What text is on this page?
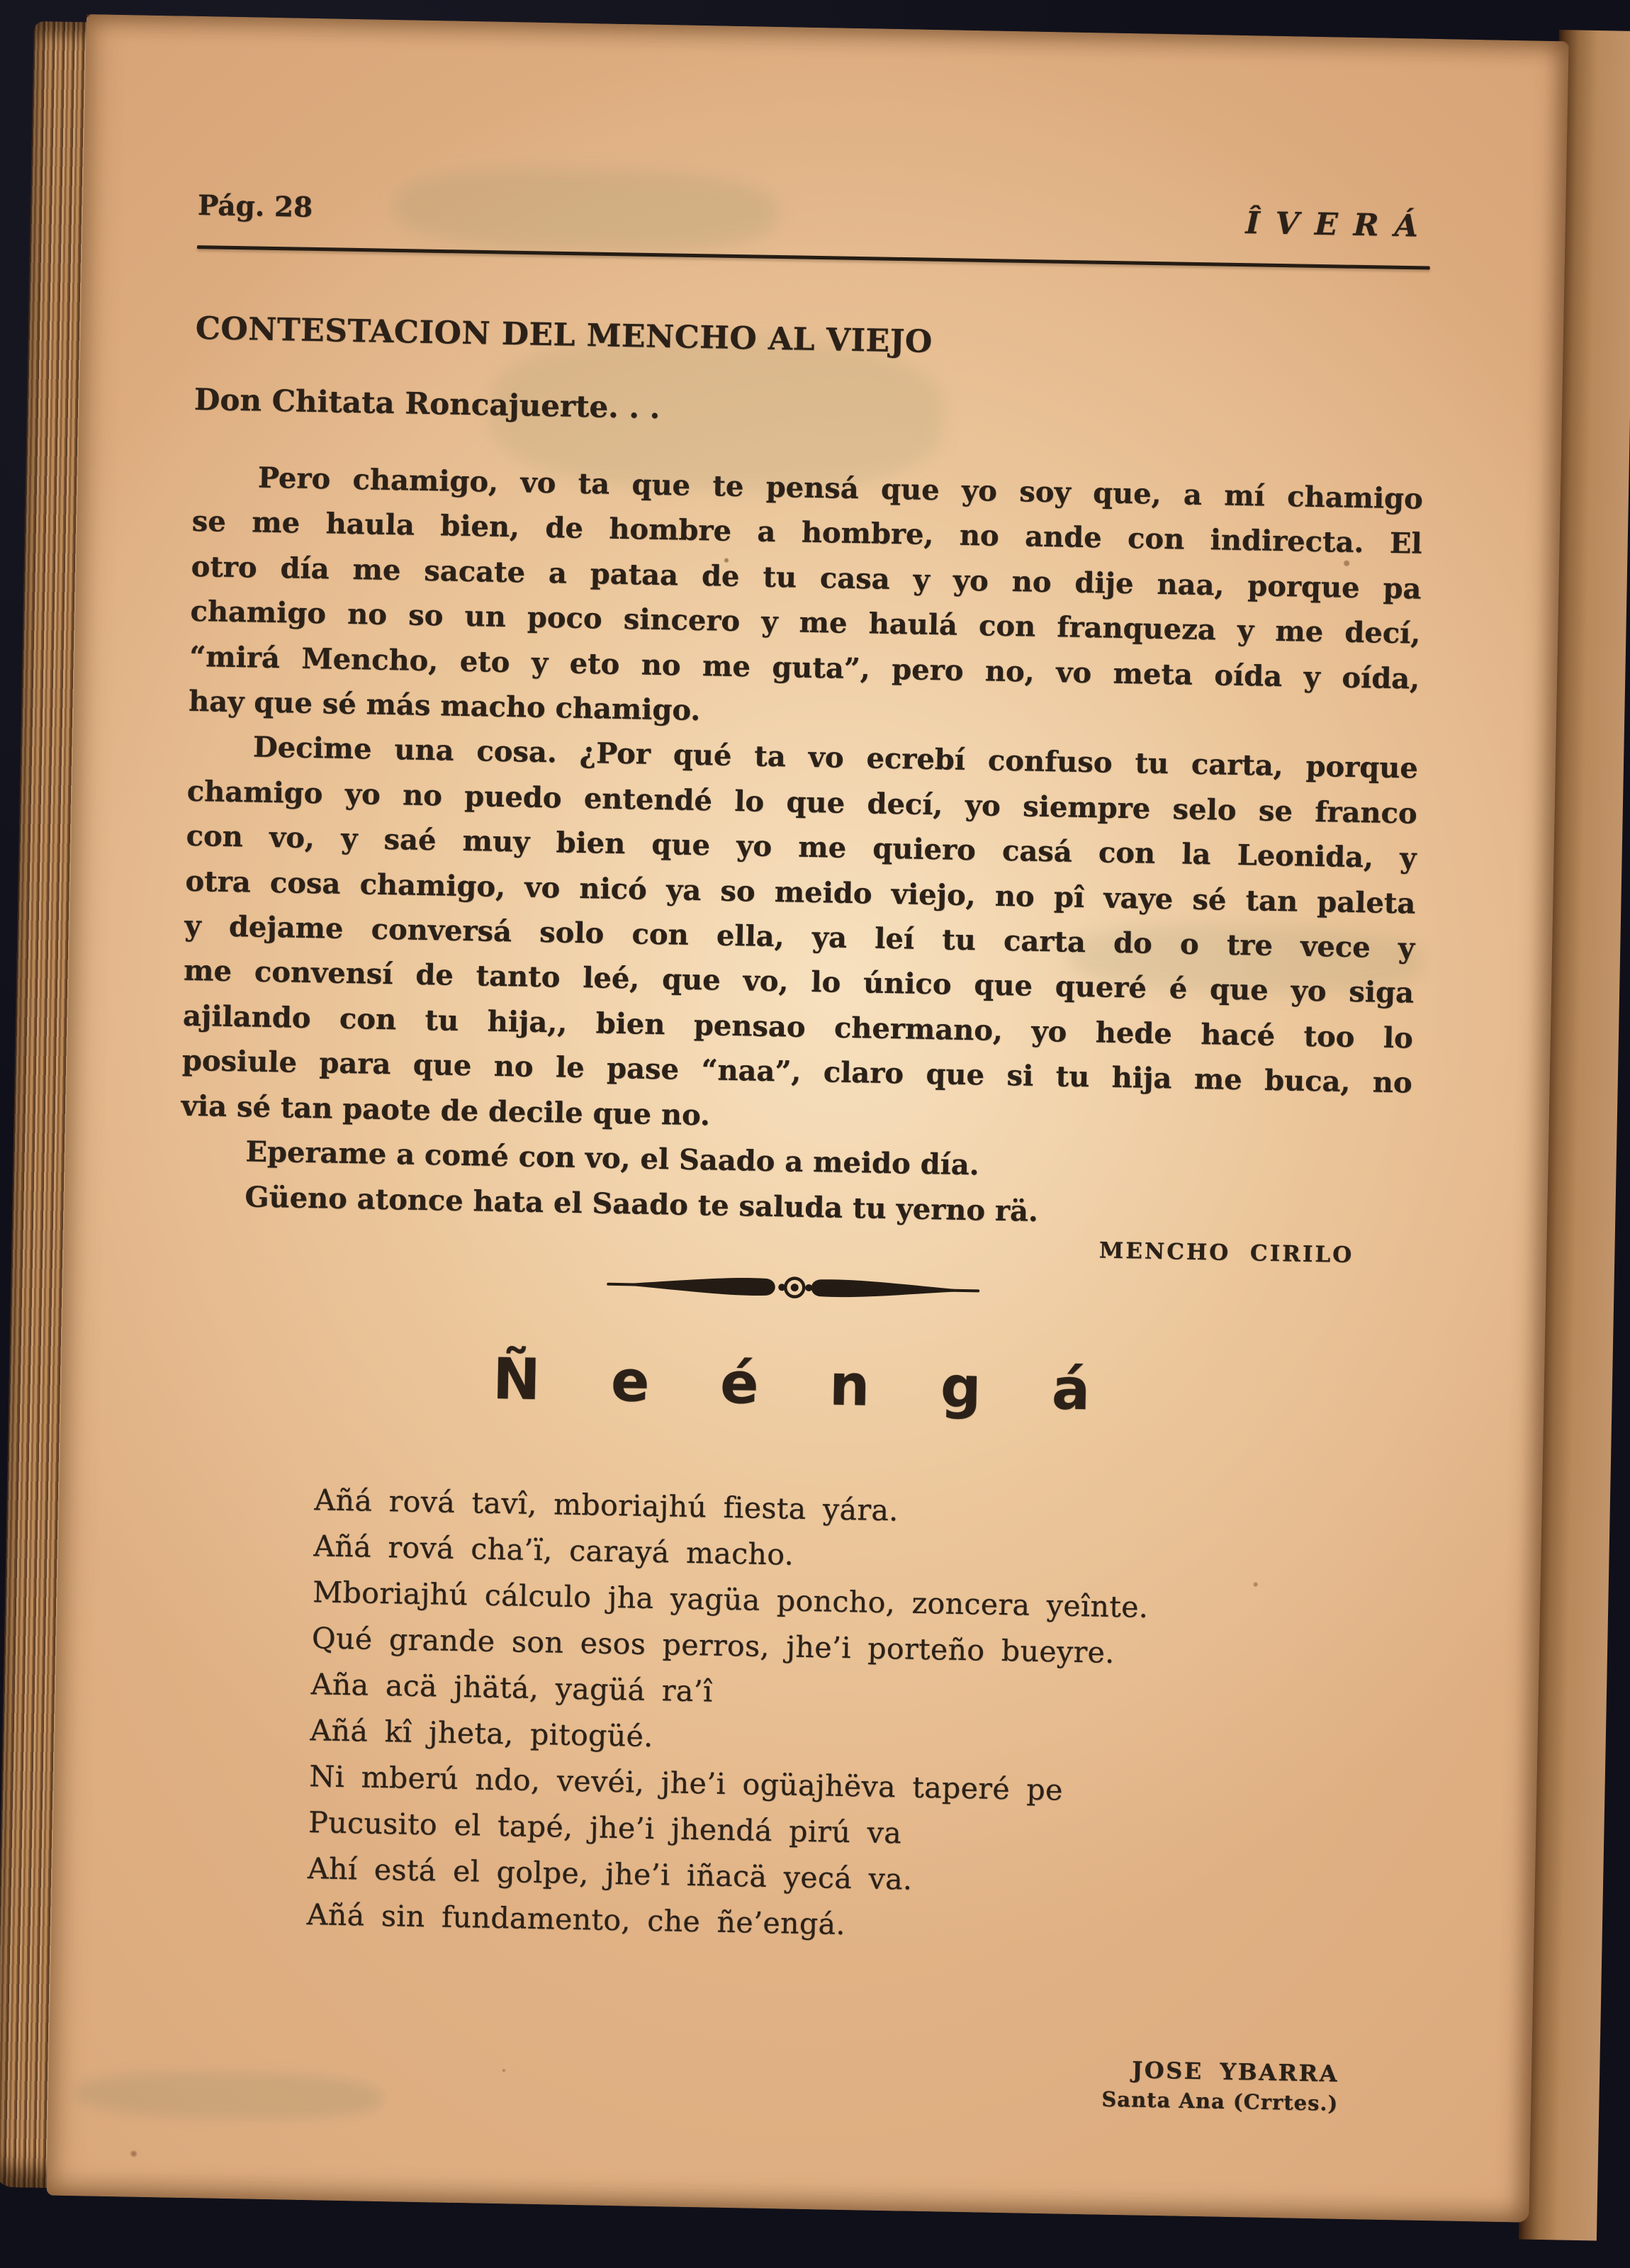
Pág. 28	ÎVERÁ
CONTESTACION DEL MENCHO AL VIEJO
Don Chitata Roncajuerte. . .
Pero chamigo, vo ta que te pensá que yo soy que, a mí chamigo
se me haula bien, de hombre a hombre, no ande con indirecta. El
otro día me sacate a pataa de tu casa y yo no dije naa, porque pa
chamigo no so un poco sincero y me haulá con franqueza y me decí,
“mirá Mencho, eto y eto no me guta”, pero no, vo meta oída y oída,
hay que sé más macho chamigo.
Decime una cosa. ¿Por qué ta vo ecrebí confuso tu carta, porque
chamigo yo no puedo entendé lo que decí, yo siempre selo se franco
con vo, y saé muy bien que yo me quiero casá con la Leonida, y
otra cosa chamigo, vo nicó ya so meido viejo, no pî vaye sé tan paleta
y dejame conversá solo con ella, ya leí tu carta do o tre vece y
me convensí de tanto leé, que vo, lo único que queré é que yo siga
ajilando con tu hija,, bien pensao chermano, yo hede hacé too lo
posiule para que no le pase “naa”, claro que si tu hija me buca, no
via sé tan paote de decile que no.
Eperame a comé con vo, el Saado a meido día.
Güeno atonce hata el Saado te saluda tu yerno rä.
MENCHO CIRILO
Ñ e é n g á
Añá rová tavî, mboriajhú fiesta yára.
Añá rová cha’ï, carayá macho.
Mboriajhú cálculo jha yagüa poncho, zoncera yeînte.
Qué grande son esos perros, jhe’i porteño bueyre.
Aña acä jhätá, yagüá ra’î
Añá kî jheta, pitogüé.
Ni mberú ndo, vevéi, jhe’i ogüajhëva taperé pe
Pucusito el tapé, jhe’i jhendá pirú va
Ahí está el golpe, jhe’i iñacä yecá va.
Añá sin fundamento, che ñe’engá.
JOSE YBARRA
Santa Ana (Crrtes.)
